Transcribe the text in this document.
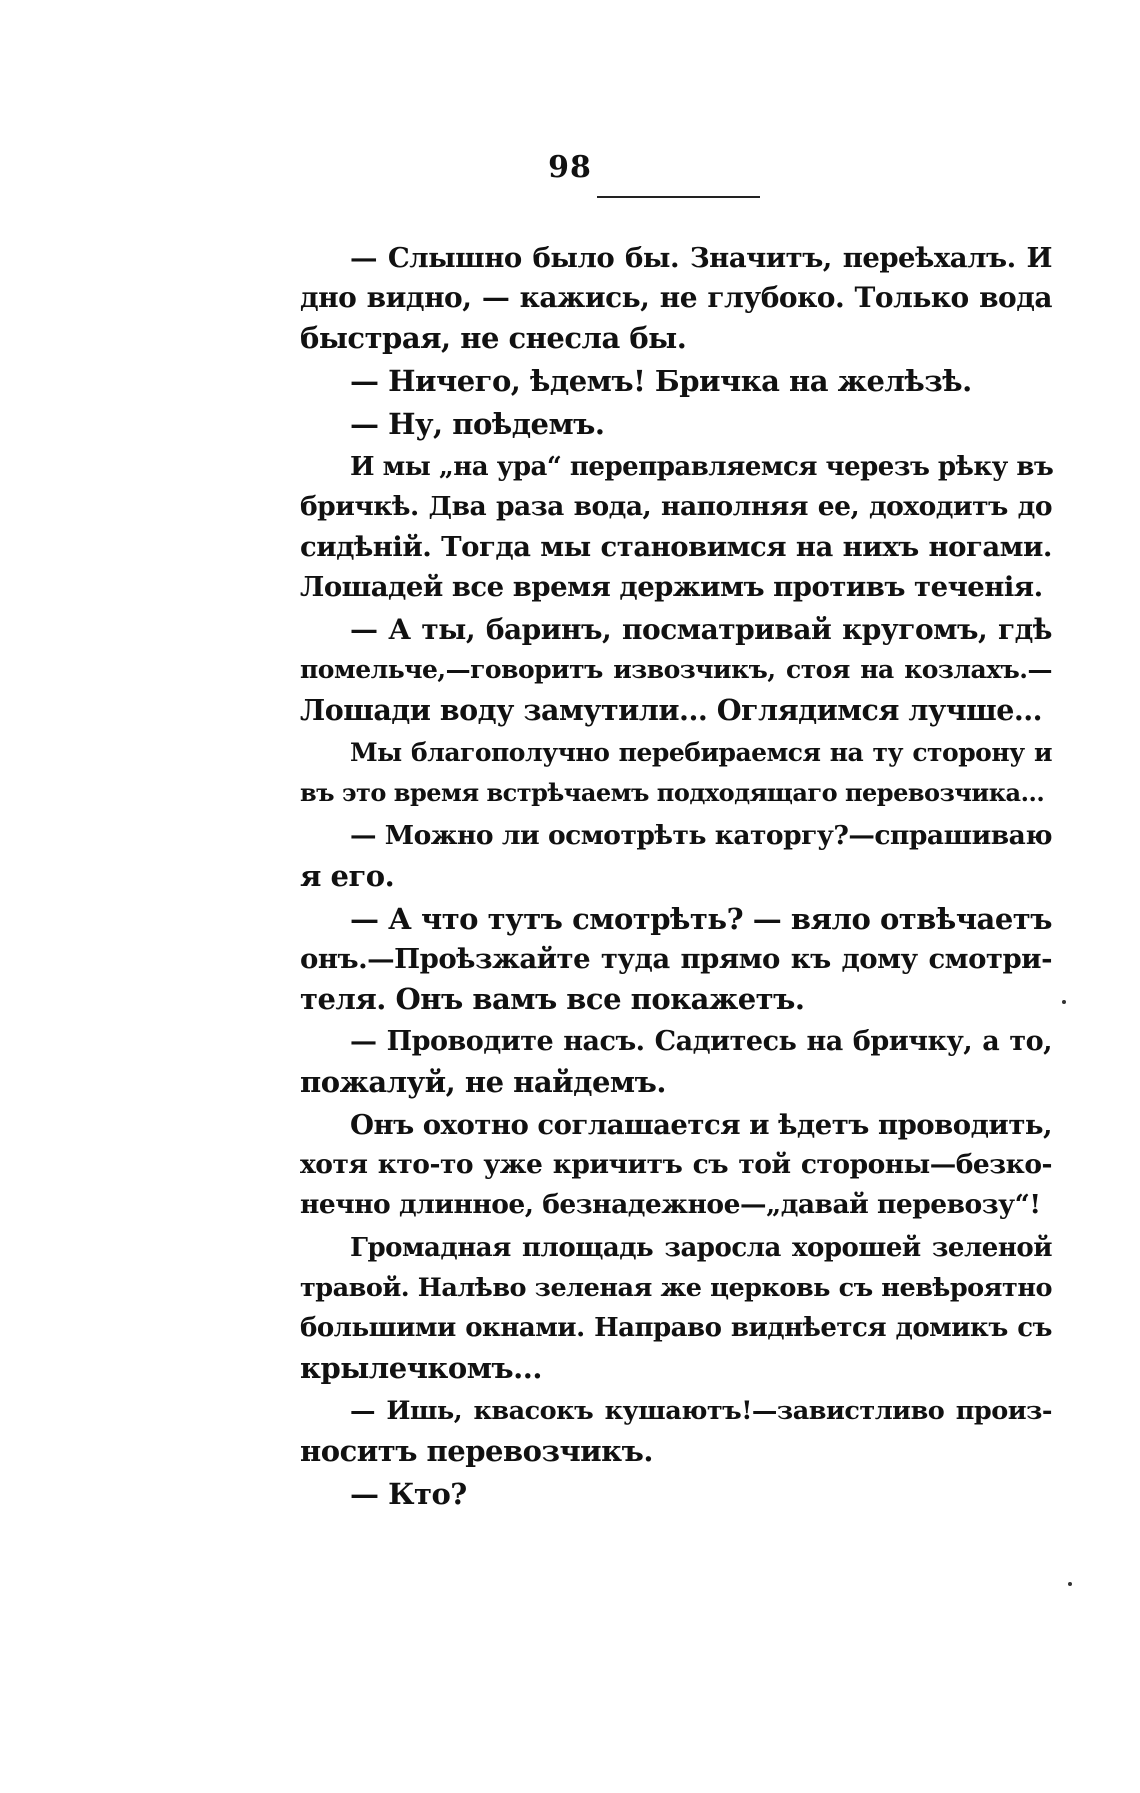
98
— Слышно было бы. Значитъ, переѣхалъ. И
дно видно, — кажись, не глубоко. Только вода
быстрая, не снесла бы.
— Ничего, ѣдемъ! Бричка на желѣзѣ.
— Ну, поѣдемъ.
И мы „на ура“ переправляемся черезъ рѣку въ
бричкѣ. Два раза вода, наполняя ее, доходитъ до
сидѣній. Тогда мы становимся на нихъ ногами.
Лошадей все время держимъ противъ теченія.
— А ты, баринъ, посматривай кругомъ, гдѣ
помельче,—говоритъ извозчикъ, стоя на козлахъ.—
Лошади воду замутили... Оглядимся лучше...
Мы благополучно перебираемся на ту сторону и
въ это время встрѣчаемъ подходящаго перевозчика...
— Можно ли осмотрѣть каторгу?—спрашиваю
я его.
— А что тутъ смотрѣть? — вяло отвѣчаетъ
онъ.—Проѣзжайте туда прямо къ дому смотри-
теля. Онъ вамъ все покажетъ.
— Проводите насъ. Садитесь на бричку, а то,
пожалуй, не найдемъ.
Онъ охотно соглашается и ѣдетъ проводить,
хотя кто-то уже кричитъ съ той стороны—безко-
нечно длинное, безнадежное—„давай перевозу“!
Громадная площадь заросла хорошей зеленой
травой. Налѣво зеленая же церковь съ невѣроятно
большими окнами. Направо виднѣется домикъ съ
крылечкомъ...
— Ишь, квасокъ кушаютъ!—завистливо произ-
носитъ перевозчикъ.
— Кто?
